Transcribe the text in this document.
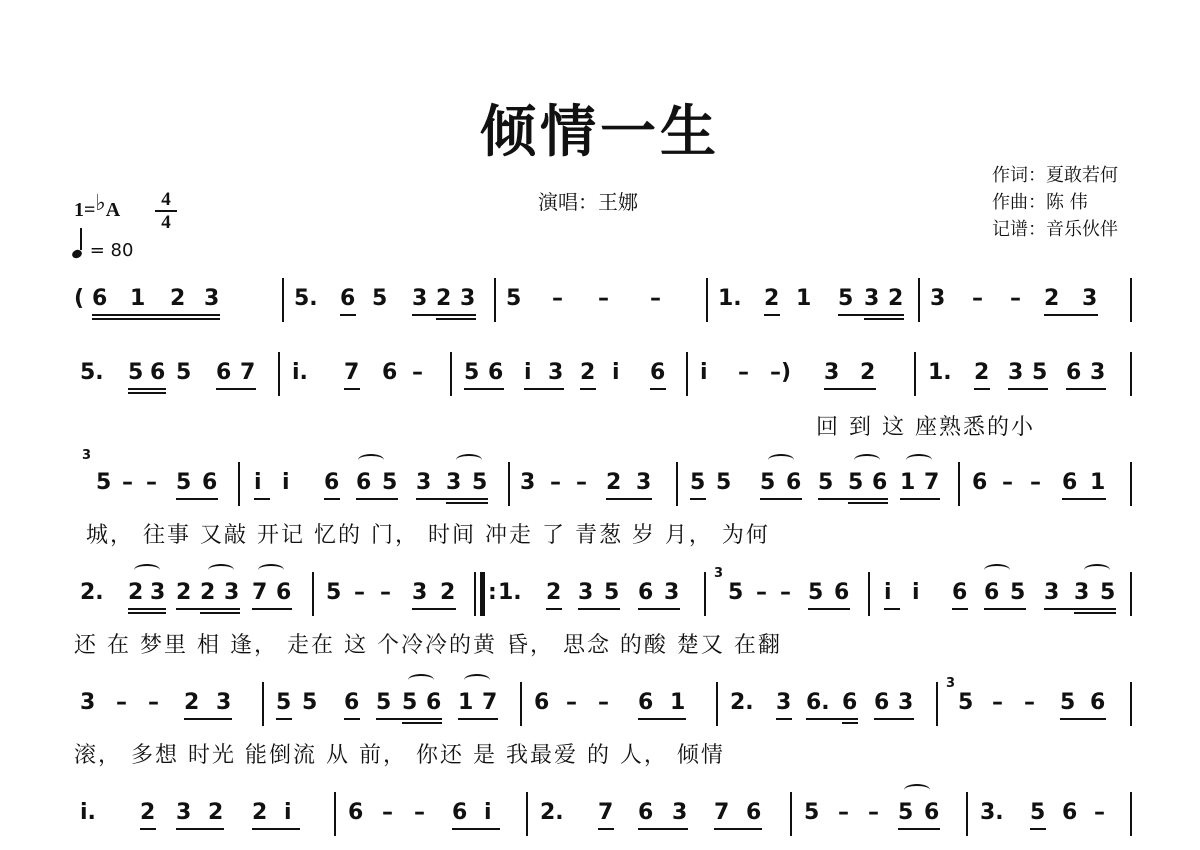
倾情一生
演唱：王娜
作词：夏敢若何
作曲：陈 伟
记谱：音乐伙伴
1=♭A	4
4
= 80
( 6 1 2 3	5. 6 5 3 2 3 5 – – –	1. 2 1 5 3 2 3 – – 2 3
5. 5 6 5 6 7 i. 7 6 – 5 6 i 3 2 i 6 i – –) 3 2 1. 2 3 5 6 3
回 到 这 座熟悉的小
3
5 – – 5 6 i i 6 6 5 3 3 5 3 – – 2 3 5 5 5 6 5 5 6 1 7 6 – – 6 1
城， 往事 又敲 开记 忆的 门， 时间 冲走 了 青葱 岁 月， 为何
2. 2 3 2 2 3 7 6 5 – – 3 2 : 1. 2 3 5 6 3
3
5 – – 5 6 i i 6 6 5 3 3 5
还 在 梦里 相 逢， 走在 这 个冷冷的黄 昏， 思念 的酸 楚又 在翻
3 – – 2 3 5 5 6 5 5 6 1 7 6 – – 6 1 2. 3 6. 6 6 3
3
5 – – 5 6
滚， 多想 时光 能倒流 从 前， 你还 是 我最爱 的 人， 倾情
i. 2 3 2 2 i	6 – – 6 i 2. 7 6 3 7 6 5 – – 5 6 3. 5 6 –
